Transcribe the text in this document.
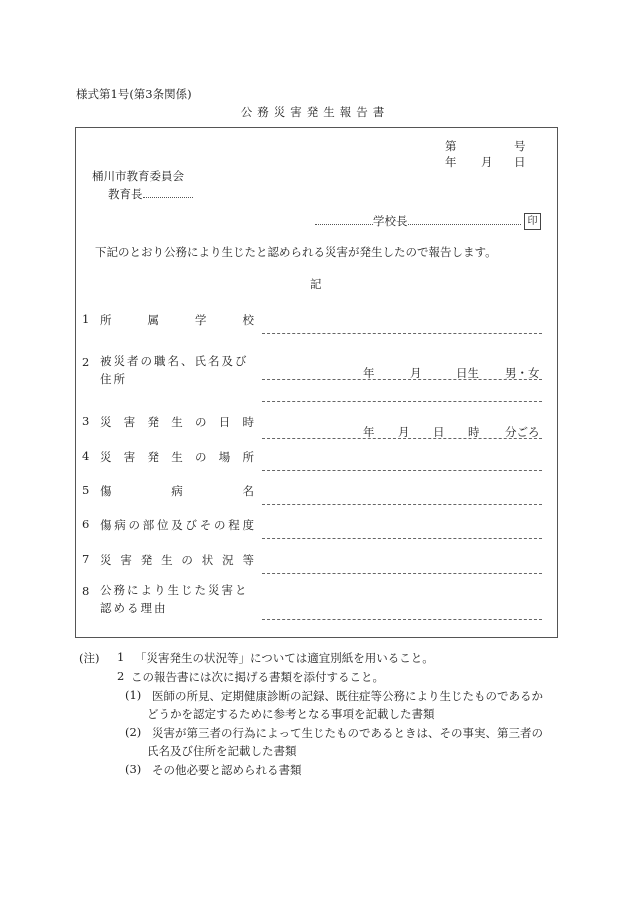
様式第1号(第3条関係)
公務災害発生報告書
第	号
年 月 日
桶川市教育委員会
教育長
学校長	印
下記のとおり公務により生じたと認められる災害が発生したので報告します。
記
1 所属学校
2 被災者の職名、氏名及び住所	年	月	日生 男・女
3 災害発生の日時
年 月 日 時 分ごろ
4 災害発生の場所
5 傷病名
6 傷病の部位及びその程度
7 災害発生の状況等
8 公務により生じた災害と認める理由
(注) 1 「災害発生の状況等」については適宜別紙を用いること。
2 この報告書には次に掲げる書類を添付すること。
(1) 医師の所見、定期健康診断の記録、既往症等公務により生じたものであるか
どうかを認定するために参考となる事項を記載した書類
(2) 災害が第三者の行為によって生じたものであるときは、その事実、第三者の
氏名及び住所を記載した書類
(3) その他必要と認められる書類
